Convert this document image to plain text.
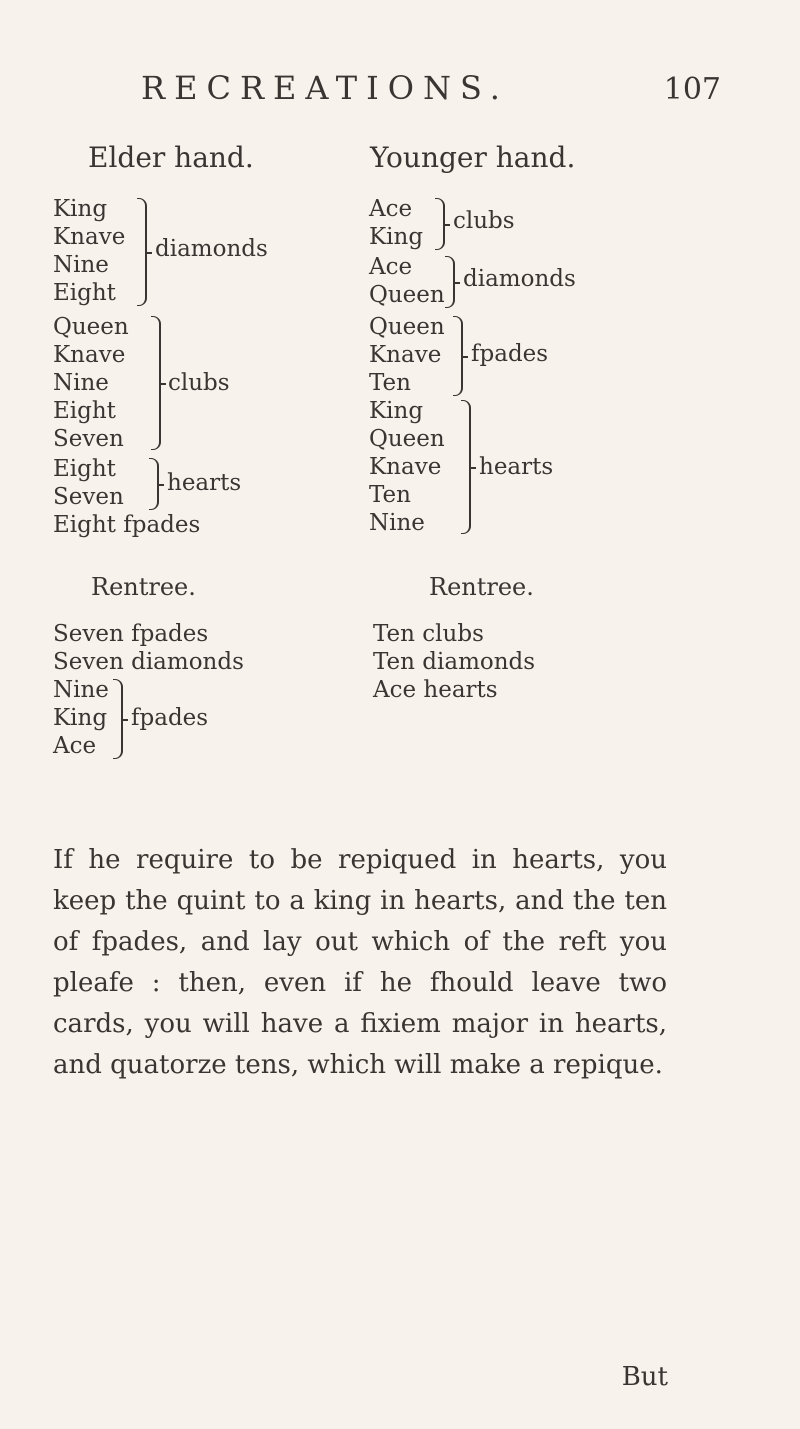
RECREATIONS.	107
Elder hand.
King
Knave
Nine
Eight
diamonds
Queen
Knave
Nine
Eight
Seven
clubs
Eight
Seven
hearts
Eight fpades
Rentree.
Seven fpades
Seven diamonds
Nine
King
Ace
fpades
Younger hand.
Ace
King
clubs
Ace
Queen
diamonds
Queen
Knave
Ten
fpades
King
Queen
Knave
Ten
Nine
hearts
Rentree.
Ten clubs
Ten diamonds
Ace hearts
If he require to be repiqued in hearts, you keep the quint to a king in hearts, and the ten of fpades, and lay out which of the reft you pleafe : then, even if he fhould leave two cards, you will have a fixiem major in hearts, and quatorze tens, which will make a repique.
But
